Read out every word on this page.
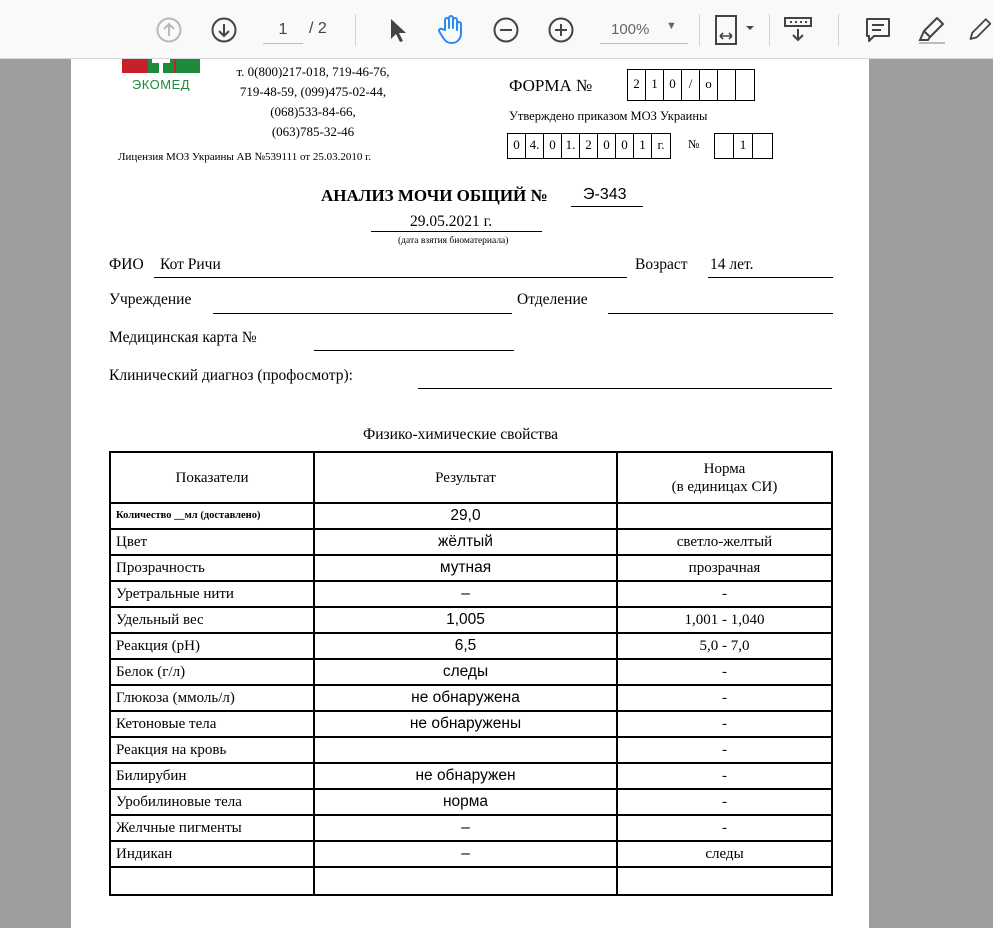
1
/ 2	100% ▼
ЭКОМЕД
т. 0(800)217-018, 719-46-76,
719-48-59, (099)475-02-44,
(068)533-84-66,
(063)785-32-46
Лицензия МОЗ Украины АВ №539111 от 25.03.2010 г.
ФОРМА №	2 1 0 / o
Утверждено приказом МОЗ Украины
0 4. 0 1. 2 0 0 1 г.	№	1
АНАЛИЗ МОЧИ ОБЩИЙ № Э-343
29.05.2021 г.
(дата взятия биоматериала)
ФИО Кот Ричи	Возраст 14 лет.
Учреждение	Отделение
Медицинская карта №
Клинический диагноз (профосмотр):
Физико-химические свойства
Показатели	Результат	Норма
(в единицах СИ)

Количество __мл (доставлено)	29,0	
Цвет	жёлтый	светло-желтый
Прозрачность	мутная	прозрачная
Уретральные нити	–	-
Удельный вес	1,005	1,001 - 1,040
Реакция (рН)	6,5	5,0 - 7,0
Белок (г/л)	следы	-
Глюкоза (ммоль/л)	не обнаружена	-
Кетоновые тела	не обнаружены	-
Реакция на кровь		-
Билирубин	не обнаружен	-
Уробилиновые тела	норма	-
Желчные пигменты	–	-
Индикан	–	следы
